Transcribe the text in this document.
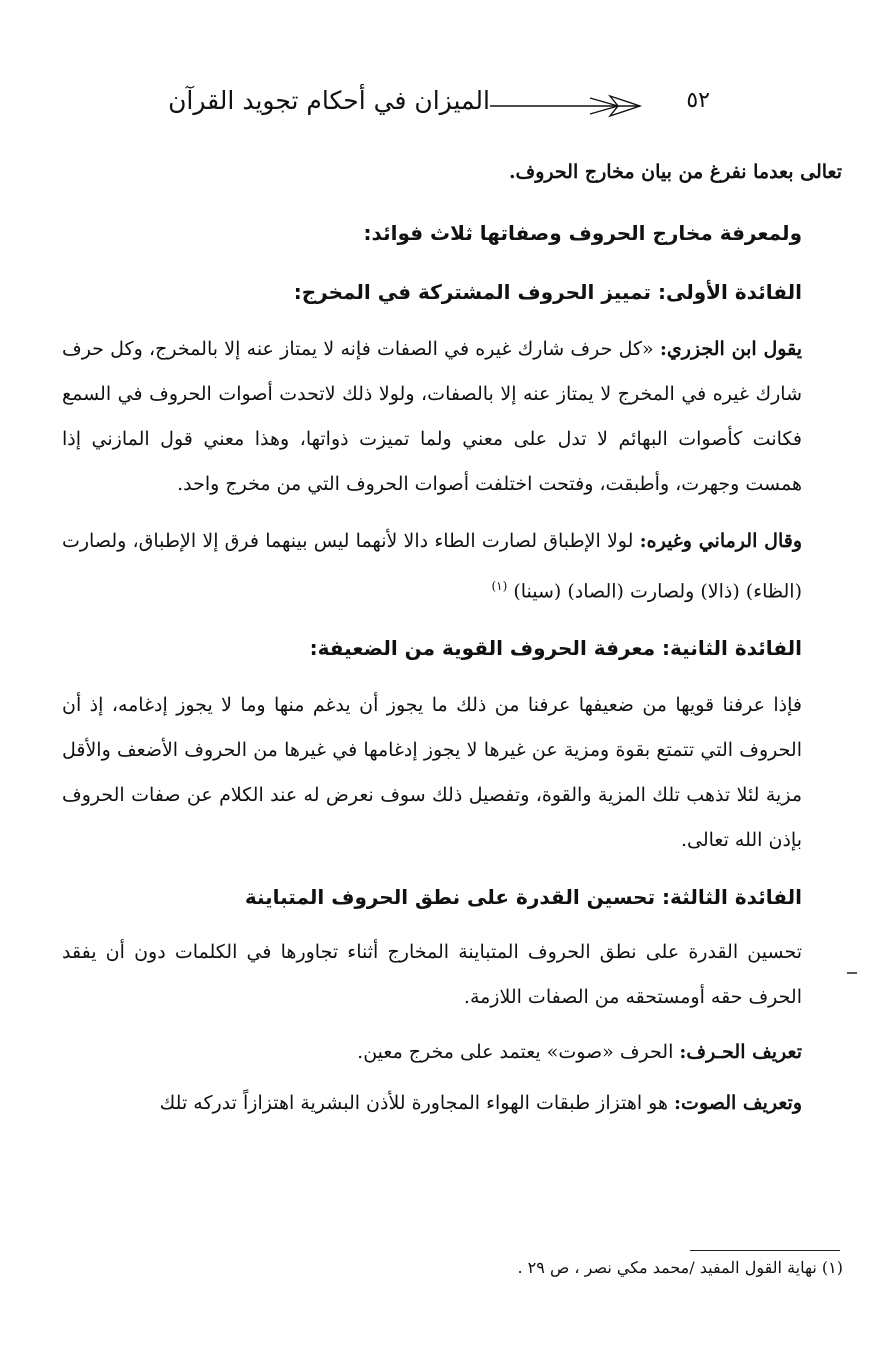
الميزان في أحكام تجويد القرآن	٥٢

تعالى بعدما نفرغ من بيان مخارج الحروف.

ولمعرفة مخارج الحروف وصفاتها ثلاث فوائد:

الفائدة الأولى: تمييز الحروف المشتركة في المخرج:

يقول ابن الجزري: «كل حرف شارك غيره في الصفات فإنه لا يمتاز عنه إلا بالمخرج، وكل حرف شارك غيره في المخرج لا يمتاز عنه إلا بالصفات، ولولا ذلك لاتحدت أصوات الحروف في السمع فكانت كأصوات البهائم لا تدل على معني ولما تميزت ذواتها، وهذا معني قول المازني إذا همست وجهرت، وأطبقت، وفتحت اختلفت أصوات الحروف التي من مخرج واحد.

وقال الرماني وغيره: لولا الإطباق لصارت الطاء دالا لأنهما ليس بينهما فرق إلا الإطباق، ولصارت (الظاء) (ذالا) ولصارت (الصاد) (سينا) $^{(١)}$

الفائدة الثانية: معرفة الحروف القوية من الضعيفة:

فإذا عرفنا قويها من ضعيفها عرفنا من ذلك ما يجوز أن يدغم منها وما لا يجوز إدغامه، إذ أن الحروف التي تتمتع بقوة ومزية عن غيرها لا يجوز إدغامها في غيرها من الحروف الأضعف والأقل مزية لئلا تذهب تلك المزية والقوة، وتفصيل ذلك سوف نعرض له عند الكلام عن صفات الحروف بإذن الله تعالى.

الفائدة الثالثة: تحسين القدرة على نطق الحروف المتباينة

تحسين القدرة على نطق الحروف المتباينة المخارج أثناء تجاورها في الكلمات دون أن يفقد الحرف حقه أومستحقه من الصفات اللازمة.

تعريف الحـرف: الحرف «صوت» يعتمد على مخرج معين.

وتعريف الصوت: هو اهتزاز طبقات الهواء المجاورة للأذن البشرية اهتزازاً تدركه تلك

(١) نهاية القول المفيد /محمد مكي نصر ، ص ٢٩ .
